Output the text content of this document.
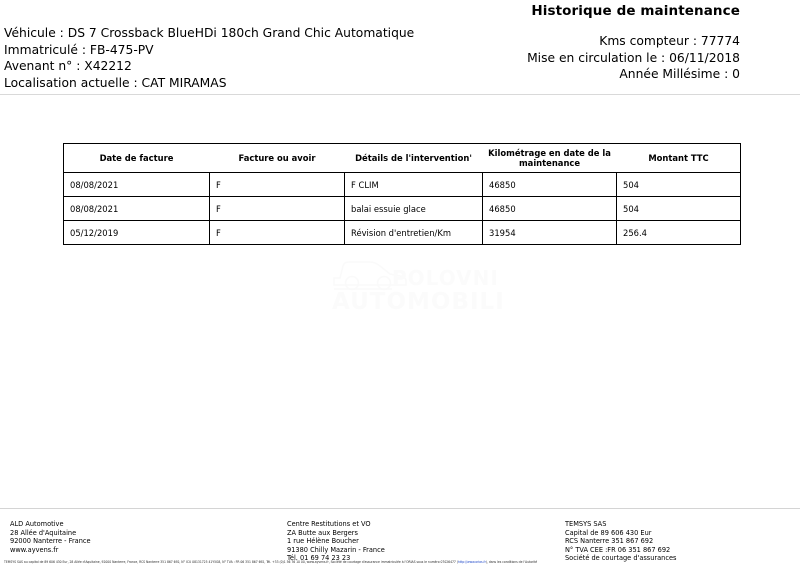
Véhicule : DS 7 Crossback BlueHDi 180ch Grand Chic Automatique
Immatriculé : FB-475-PV
Avenant n° : X42212
Localisation actuelle : CAT MIRAMAS
Historique de maintenance
Kms compteur : 77774
Mise en circulation le : 06/11/2018
Année Millésime : 0
POLOVNI
AUTOMOBILI
Date de facture	Facture ou avoir	Détails de l'intervention'	Kilométrage en date de la maintenance	Montant TTC
08/08/2021	F	F CLIM	46850	504
08/08/2021	F	balai essuie glace	46850	504
05/12/2019	F	Révision d'entretien/Km	31954	256.4
ALD Automotive
28 Allée d'Aquitaine
92000 Nanterre - France
www.ayvens.fr
Centre Restitutions et VO
ZA Butte aux Bergers
1 rue Hélène Boucher
91380 Chilly Mazarin - France
Tél. 01 69 74 23 23
TEMSYS SAS
Capital de 89 606 430 Eur
RCS Nanterre 351 867 692
N° TVA CEE :FR 06 351 867 692
Société de courtage d'assurances
TEMSYS SAS au capital de 89 606 430 Eur, 28 Allée d'Aquitaine, 92000 Nanterre, France, RCS Nanterre 351 867 692, N° ICU 08131725 41Y5G8, N° TVA : FR 06 351 867 692, Tél. +33 (0)1 56 76 10 00, www.ayvens.fr, Société de courtage d'assurance immatriculée à l'ORIAS sous le numéro 07026477 (http://www.orias.fr), dans les conditions de l'Autorité
